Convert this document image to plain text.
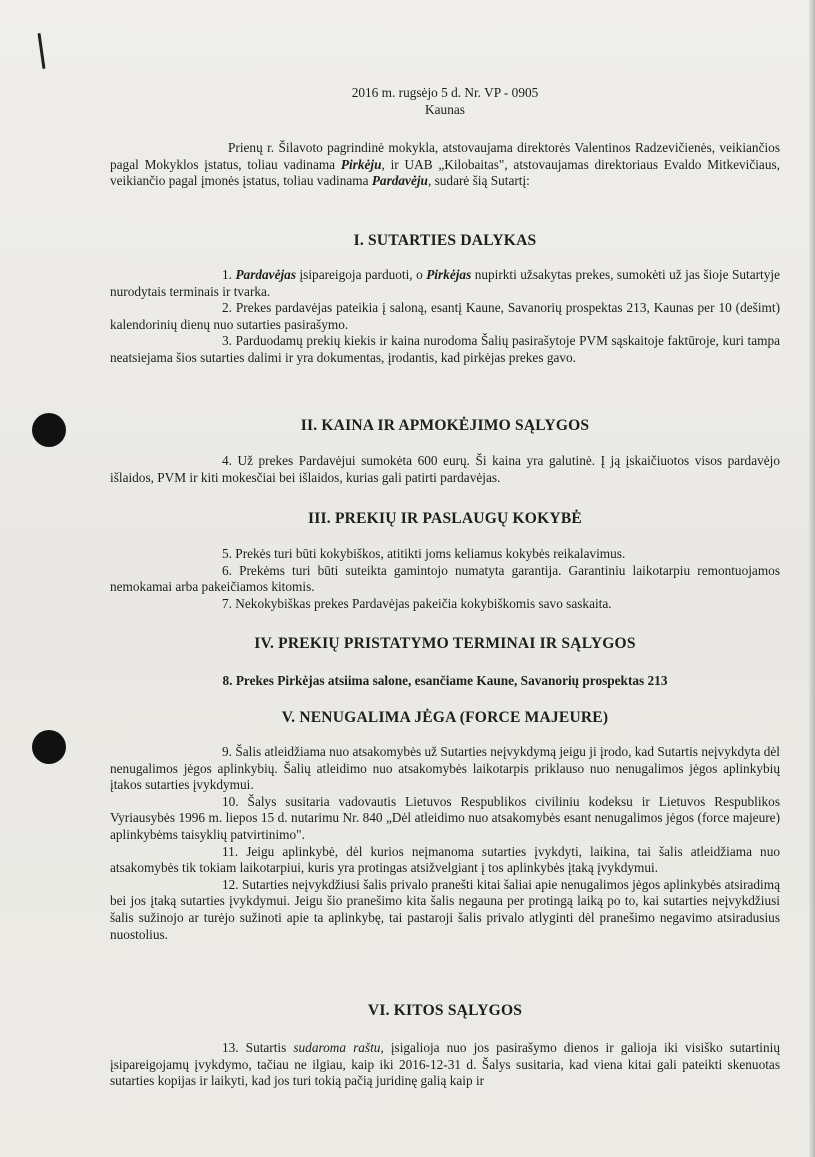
2016 m. rugsėjo 5 d. Nr. VP - 0905
Kaunas

Prienų r. Šilavoto pagrindinė mokykla, atstovaujama direktorės Valentinos Radzevičienės, veikiančios pagal Mokyklos įstatus, toliau vadinama Pirkėju, ir UAB „Kilobaitas", atstovaujamas direktoriaus Evaldo Mitkevičiaus, veikiančio pagal įmonės įstatus, toliau vadinama Pardavėju, sudarė šią Sutartį:

I. SUTARTIES DALYKAS

1. Pardavėjas įsipareigoja parduoti, o Pirkėjas nupirkti užsakytas prekes, sumokėti už jas šioje Sutartyje nurodytais terminais ir tvarka.

2. Prekes pardavėjas pateikia į saloną, esantį Kaune, Savanorių prospektas 213, Kaunas per 10 (dešimt) kalendorinių dienų nuo sutarties pasirašymo.

3. Parduodamų prekių kiekis ir kaina nurodoma Šalių pasirašytoje PVM sąskaitoje faktūroje, kuri tampa neatsiejama šios sutarties dalimi ir yra dokumentas, įrodantis, kad pirkėjas prekes gavo.

II. KAINA IR APMOKĖJIMO SĄLYGOS

4. Už prekes Pardavėjui sumokėta 600 eurų. Ši kaina yra galutinė. Į ją įskaičiuotos visos pardavėjo išlaidos, PVM ir kiti mokesčiai bei išlaidos, kurias gali patirti pardavėjas.

III. PREKIŲ IR PASLAUGŲ KOKYBĖ

5. Prekės turi būti kokybiškos, atitikti joms keliamus kokybės reikalavimus.

6. Prekėms turi būti suteikta gamintojo numatyta garantija. Garantiniu laikotarpiu remontuojamos nemokamai arba pakeičiamos kitomis.

7. Nekokybiškas prekes Pardavėjas pakeičia kokybiškomis savo saskaita.

IV. PREKIŲ PRISTATYMO TERMINAI IR SĄLYGOS

8. Prekes Pirkėjas atsiima salone, esančiame Kaune, Savanorių prospektas 213

V. NENUGALIMA JĖGA (FORCE MAJEURE)

9. Šalis atleidžiama nuo atsakomybės už Sutarties neįvykdymą jeigu ji įrodo, kad Sutartis neįvykdyta dėl nenugalimos jėgos aplinkybių. Šalių atleidimo nuo atsakomybės laikotarpis priklauso nuo nenugalimos jėgos aplinkybių įtakos sutarties įvykdymui.

10. Šalys susitaria vadovautis Lietuvos Respublikos civiliniu kodeksu ir Lietuvos Respublikos Vyriausybės 1996 m. liepos 15 d. nutarimu Nr. 840 „Dėl atleidimo nuo atsakomybės esant nenugalimos jėgos (force majeure) aplinkybėms taisyklių patvirtinimo".

11. Jeigu aplinkybė, dėl kurios neįmanoma sutarties įvykdyti, laikina, tai šalis atleidžiama nuo atsakomybės tik tokiam laikotarpiui, kuris yra protingas atsižvelgiant į tos aplinkybės įtaką įvykdymui.

12. Sutarties neįvykdžiusi šalis privalo pranešti kitai šaliai apie nenugalimos jėgos aplinkybės atsiradimą bei jos įtaką sutarties įvykdymui. Jeigu šio pranešimo kita šalis negauna per protingą laiką po to, kai sutarties neįvykdžiusi šalis sužinojo ar turėjo sužinoti apie ta aplinkybę, tai pastaroji šalis privalo atlyginti dėl pranešimo negavimo atsiradusius nuostolius.

VI. KITOS SĄLYGOS

13. Sutartis sudaroma raštu, įsigalioja nuo jos pasirašymo dienos ir galioja iki visiško sutartinių įsipareigojamų įvykdymo, tačiau ne ilgiau, kaip iki 2016-12-31 d. Šalys susitaria, kad viena kitai gali pateikti skenuotas sutarties kopijas ir laikyti, kad jos turi tokią pačią juridinę galią kaip ir
